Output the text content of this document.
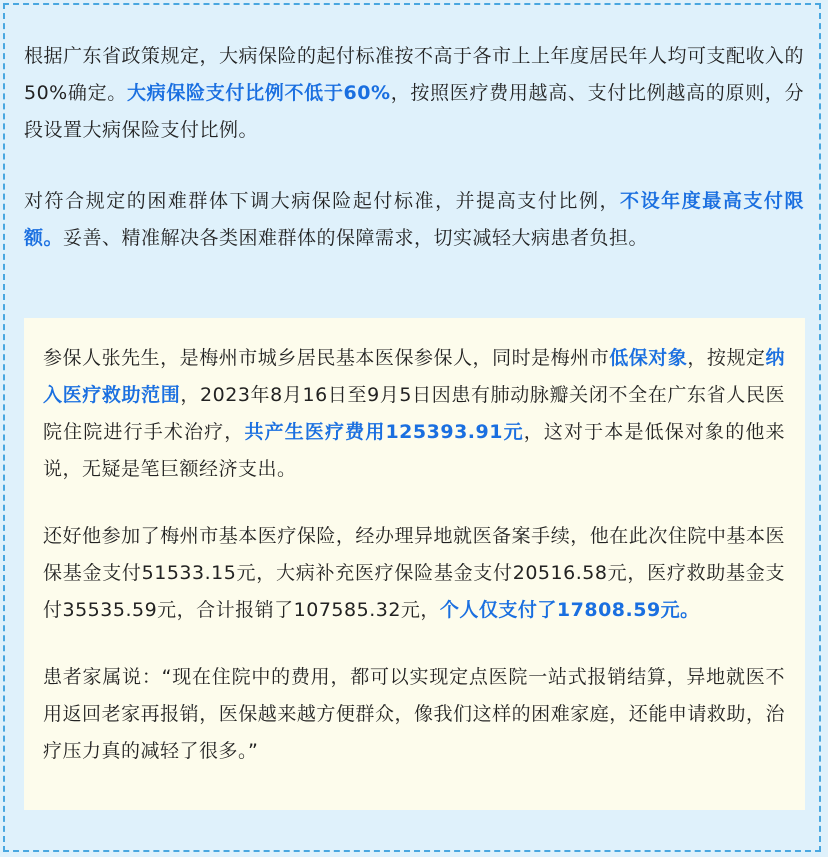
根据广东省政策规定，大病保险的起付标准按不高于各市上上年度居民年人均可支配收入的50%确定。大病保险支付比例不低于60%，按照医疗费用越高、支付比例越高的原则，分段设置大病保险支付比例。

对符合规定的困难群体下调大病保险起付标准，并提高支付比例，不设年度最高支付限额。妥善、精准解决各类困难群体的保障需求，切实减轻大病患者负担。

参保人张先生，是梅州市城乡居民基本医保参保人，同时是梅州市低保对象，按规定纳入医疗救助范围，2023年8月16日至9月5日因患有肺动脉瓣关闭不全在广东省人民医院住院进行手术治疗，共产生医疗费用125393.91元，这对于本是低保对象的他来说，无疑是笔巨额经济支出。

还好他参加了梅州市基本医疗保险，经办理异地就医备案手续，他在此次住院中基本医保基金支付51533.15元，大病补充医疗保险基金支付20516.58元，医疗救助基金支付35535.59元，合计报销了107585.32元，个人仅支付了17808.59元。

患者家属说：“现在住院中的费用，都可以实现定点医院一站式报销结算，异地就医不用返回老家再报销，医保越来越方便群众，像我们这样的困难家庭，还能申请救助，治疗压力真的减轻了很多。”
